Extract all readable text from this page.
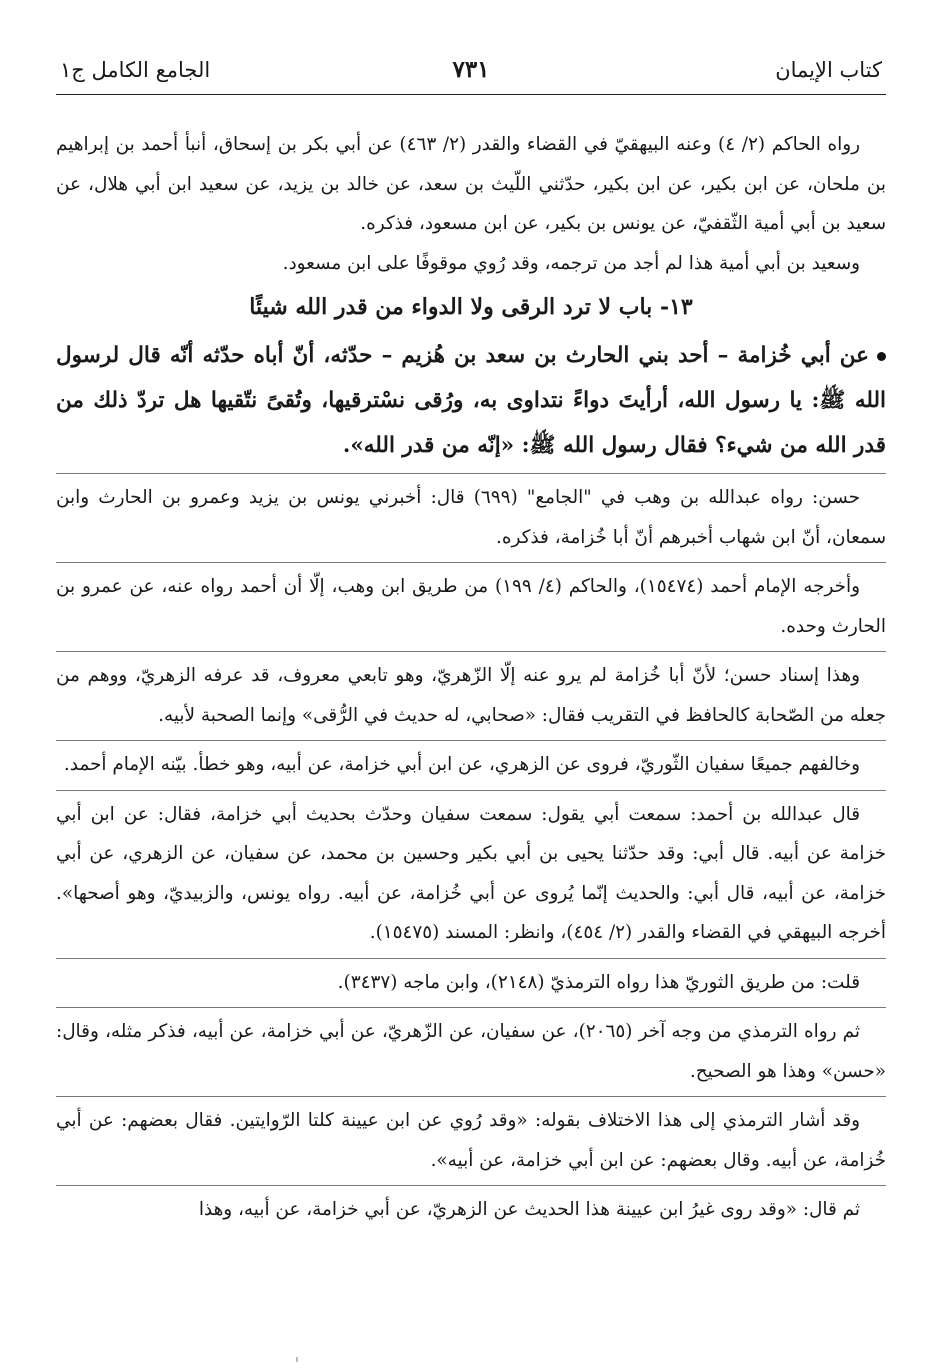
كتاب الإيمان
٧٣١
الجامع الكامل ج١

رواه الحاكم (٢/ ٤) وعنه البيهقيّ في القضاء والقدر (٢/ ٤٦٣) عن أبي بكر بن إسحاق، أنبأ أحمد بن إبراهيم بن ملحان، عن ابن بكير، عن ابن بكير، حدّثني اللّيث بن سعد، عن خالد بن يزيد، عن سعيد ابن أبي هلال، عن سعيد بن أبي أمية الثّقفيّ، عن يونس بن بكير، عن ابن مسعود، فذكره.

وسعيد بن أبي أمية هذا لم أجد من ترجمه، وقد رُوي موقوفًا على ابن مسعود.

١٣- باب لا ترد الرقى ولا الدواء من قدر الله شيئًا

عن أبي خُزامة – أحد بني الحارث بن سعد بن هُزيم – حدّثه، أنّ أباه حدّثه أنّه قال لرسول الله ﷺ: يا رسول الله، أرأيتَ دواءً نتداوى به، ورُقى نسْترقيها، وتُقىً نتّقيها هل تردّ ذلك من قدر الله من شيء؟ فقال رسول الله ﷺ: «إنّه من قدر الله».

حسن: رواه عبدالله بن وهب في "الجامع" (٦٩٩) قال: أخبرني يونس بن يزيد وعمرو بن الحارث وابن سمعان، أنّ ابن شهاب أخبرهم أنّ أبا خُزامة، فذكره.

وأخرجه الإمام أحمد (١٥٤٧٤)، والحاكم (٤/ ١٩٩) من طريق ابن وهب، إلّا أن أحمد رواه عنه، عن عمرو بن الحارث وحده.

وهذا إسناد حسن؛ لأنّ أبا خُزامة لم يرو عنه إلّا الزّهريّ، وهو تابعي معروف، قد عرفه الزهريّ، ووهم من جعله من الصّحابة كالحافظ في التقريب فقال: «صحابي، له حديث في الرُّقى» وإنما الصحبة لأبيه.

وخالفهم جميعًا سفيان الثّوريّ، فروى عن الزهري، عن ابن أبي خزامة، عن أبيه، وهو خطأ. بيّنه الإمام أحمد.

قال عبدالله بن أحمد: سمعت أبي يقول: سمعت سفيان وحدّث بحديث أبي خزامة، فقال: عن ابن أبي خزامة عن أبيه. قال أبي: وقد حدّثنا يحيى بن أبي بكير وحسين بن محمد، عن سفيان، عن الزهري، عن أبي خزامة، عن أبيه، قال أبي: والحديث إنّما يُروى عن أبي خُزامة، عن أبيه. رواه يونس، والزبيديّ، وهو أصحها». أخرجه البيهقي في القضاء والقدر (٢/ ٤٥٤)، وانظر: المسند (١٥٤٧٥).

قلت: من طريق الثوريّ هذا رواه الترمذيّ (٢١٤٨)، وابن ماجه (٣٤٣٧).

ثم رواه الترمذي من وجه آخر (٢٠٦٥)، عن سفيان، عن الزّهريّ، عن أبي خزامة، عن أبيه، فذكر مثله، وقال: «حسن» وهذا هو الصحيح.

وقد أشار الترمذي إلى هذا الاختلاف بقوله: «وقد رُوي عن ابن عيينة كلتا الرّوايتين. فقال بعضهم: عن أبي خُزامة، عن أبيه. وقال بعضهم: عن ابن أبي خزامة، عن أبيه».

ثم قال: «وقد روى غيرُ ابن عيينة هذا الحديث عن الزهريّ، عن أبي خزامة، عن أبيه، وهذا
